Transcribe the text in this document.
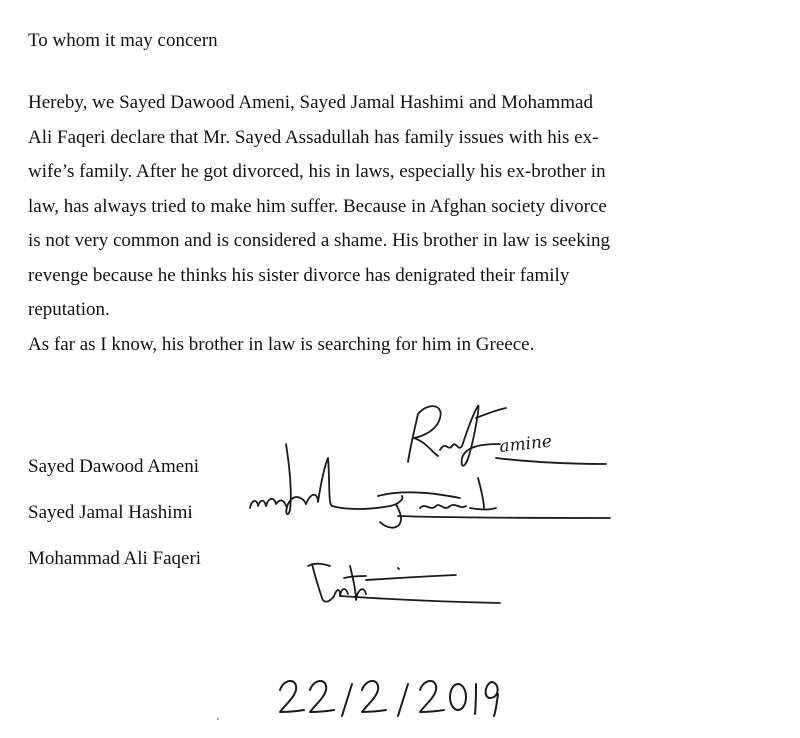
To whom it may concern

Hereby, we Sayed Dawood Ameni, Sayed Jamal Hashimi and Mohammad
Ali Faqeri declare that Mr. Sayed Assadullah has family issues with his ex-
wife’s family. After he got divorced, his in laws, especially his ex-brother in
law, has always tried to make him suffer. Because in Afghan society divorce
is not very common and is considered a shame. His brother in law is seeking
revenge because he thinks his sister divorce has denigrated their family
reputation.
As far as I know, his brother in law is searching for him in Greece.
Sayed Dawood Ameni
Sayed Jamal Hashimi
Mohammad Ali Faqeri
amine
